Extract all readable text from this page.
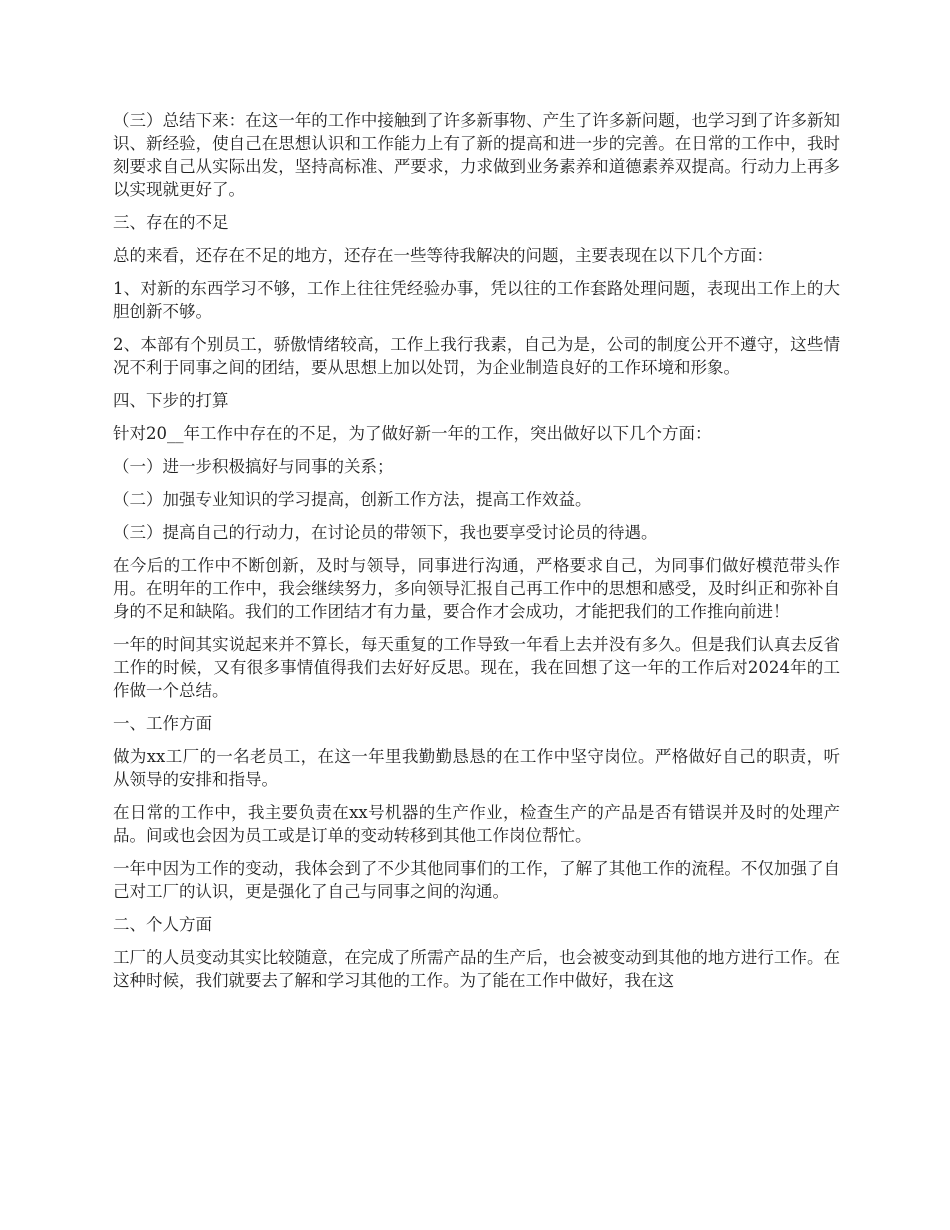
（三）总结下来：在这一年的工作中接触到了许多新事物、产生了许多新问题，也学习到了许多新知识、新经验，使自己在思想认识和工作能力上有了新的提高和进一步的完善。在日常的工作中，我时刻要求自己从实际出发，坚持高标准、严要求，力求做到业务素养和道德素养双提高。行动力上再多以实现就更好了。

三、存在的不足

总的来看，还存在不足的地方，还存在一些等待我解决的问题，主要表现在以下几个方面：

1、对新的东西学习不够，工作上往往凭经验办事，凭以往的工作套路处理问题，表现出工作上的大胆创新不够。

2、本部有个别员工，骄傲情绪较高，工作上我行我素，自己为是，公司的制度公开不遵守，这些情况不利于同事之间的团结，要从思想上加以处罚，为企业制造良好的工作环境和形象。

四、下步的打算

针对20__年工作中存在的不足，为了做好新一年的工作，突出做好以下几个方面：

（一）进一步积极搞好与同事的关系；

（二）加强专业知识的学习提高，创新工作方法，提高工作效益。

（三）提高自己的行动力，在讨论员的带领下，我也要享受讨论员的待遇。

在今后的工作中不断创新，及时与领导，同事进行沟通，严格要求自己，为同事们做好模范带头作用。在明年的工作中，我会继续努力，多向领导汇报自己再工作中的思想和感受，及时纠正和弥补自身的不足和缺陷。我们的工作团结才有力量，要合作才会成功，才能把我们的工作推向前进！

一年的时间其实说起来并不算长，每天重复的工作导致一年看上去并没有多久。但是我们认真去反省工作的时候，又有很多事情值得我们去好好反思。现在，我在回想了这一年的工作后对2024年的工作做一个总结。

一、工作方面

做为xx工厂的一名老员工，在这一年里我勤勤恳恳的在工作中坚守岗位。严格做好自己的职责，听从领导的安排和指导。

在日常的工作中，我主要负责在xx号机器的生产作业，检查生产的产品是否有错误并及时的处理产品。间或也会因为员工或是订单的变动转移到其他工作岗位帮忙。

一年中因为工作的变动，我体会到了不少其他同事们的工作，了解了其他工作的流程。不仅加强了自己对工厂的认识，更是强化了自己与同事之间的沟通。

二、个人方面

工厂的人员变动其实比较随意，在完成了所需产品的生产后，也会被变动到其他的地方进行工作。在这种时候，我们就要去了解和学习其他的工作。为了能在工作中做好，我在这
